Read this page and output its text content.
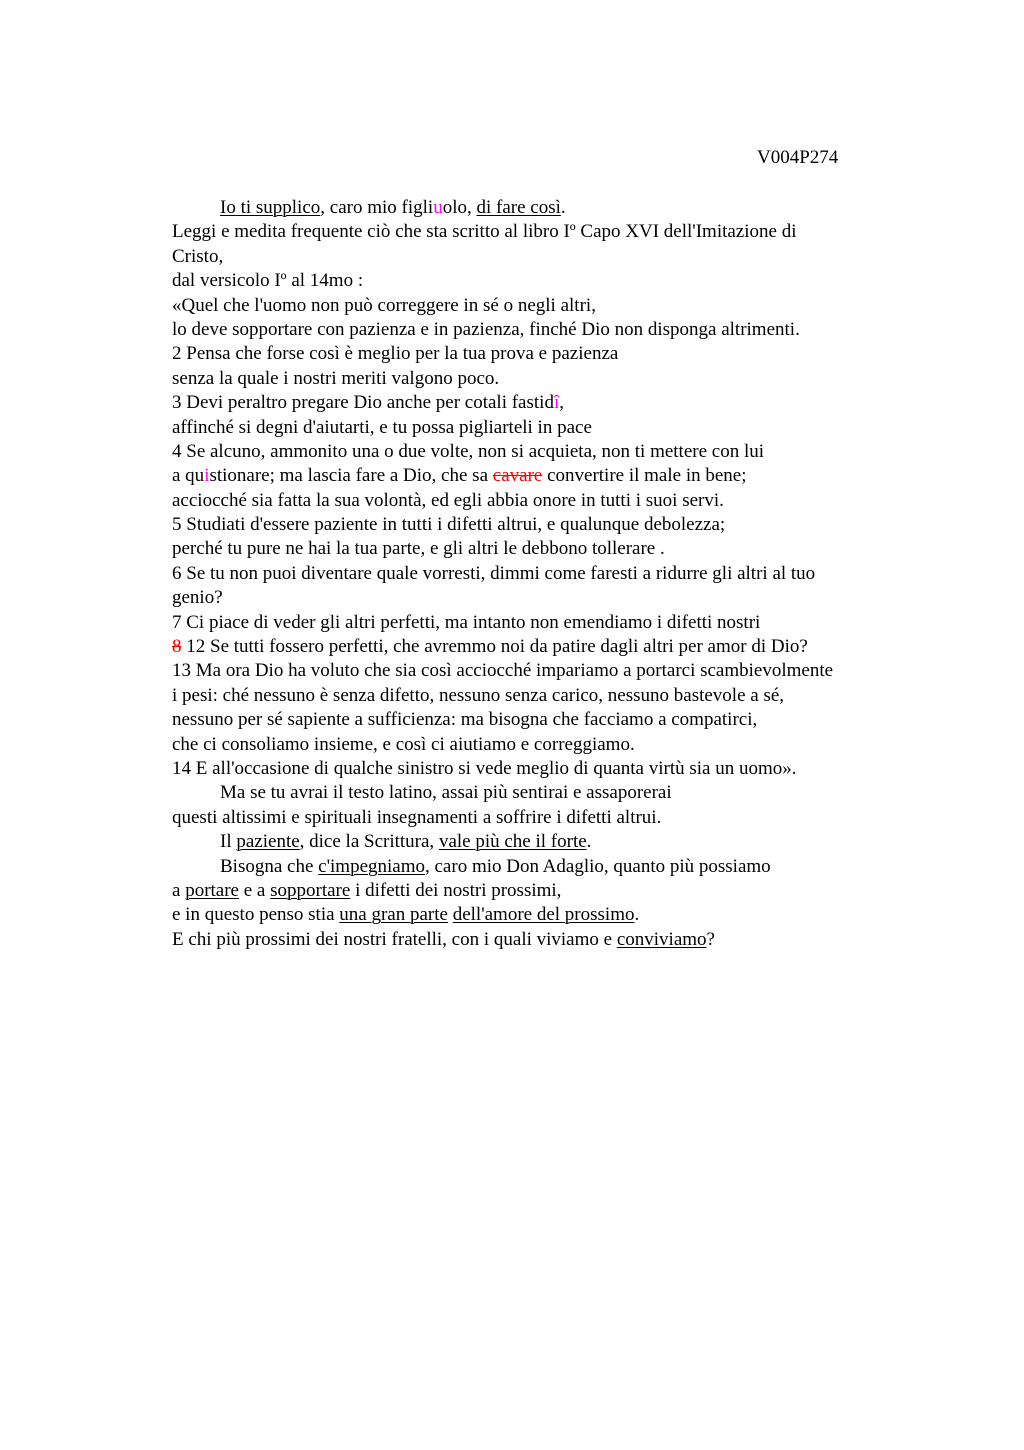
V004P274
Io ti supplico, caro mio figliuolo, di fare così.
Leggi e medita frequente ciò che sta scritto al libro Iº Capo XVI dell'Imitazione di
Cristo,
dal versicolo Iº al 14mo :
«Quel che l'uomo non può correggere in sé o negli altri,
lo deve sopportare con pazienza e in pazienza, finché Dio non disponga altrimenti.
2 Pensa che forse così è meglio per la tua prova e pazienza
senza la quale i nostri meriti valgono poco.
3 Devi peraltro pregare Dio anche per cotali fastidî,
affinché si degni d'aiutarti, e tu possa pigliarteli in pace
4 Se alcuno, ammonito una o due volte, non si acquieta, non ti mettere con lui
a quistionare; ma lascia fare a Dio, che sa cavare convertire il male in bene;
acciocché sia fatta la sua volontà, ed egli abbia onore in tutti i suoi servi.
5 Studiati d'essere paziente in tutti i difetti altrui, e qualunque debolezza;
perché tu pure ne hai la tua parte, e gli altri le debbono tollerare .
6 Se tu non puoi diventare quale vorresti, dimmi come faresti a ridurre gli altri al tuo
genio?
7 Ci piace di veder gli altri perfetti, ma intanto non emendiamo i difetti nostri
8 12 Se tutti fossero perfetti, che avremmo noi da patire dagli altri per amor di Dio?
13 Ma ora Dio ha voluto che sia così acciocché impariamo a portarci scambievolmente
i pesi: ché nessuno è senza difetto, nessuno senza carico, nessuno bastevole a sé,
nessuno per sé sapiente a sufficienza: ma bisogna che facciamo a compatirci,
che ci consoliamo insieme, e così ci aiutiamo e correggiamo.
14 E all'occasione di qualche sinistro si vede meglio di quanta virtù sia un uomo».
Ma se tu avrai il testo latino, assai più sentirai e assaporerai
questi altissimi e spirituali insegnamenti a soffrire i difetti altrui.
Il paziente, dice la Scrittura, vale più che il forte.
Bisogna che c'impegniamo, caro mio Don Adaglio, quanto più possiamo
a portare e a sopportare i difetti dei nostri prossimi,
e in questo penso stia una gran parte dell'amore del prossimo.
E chi più prossimi dei nostri fratelli, con i quali viviamo e conviviamo?
